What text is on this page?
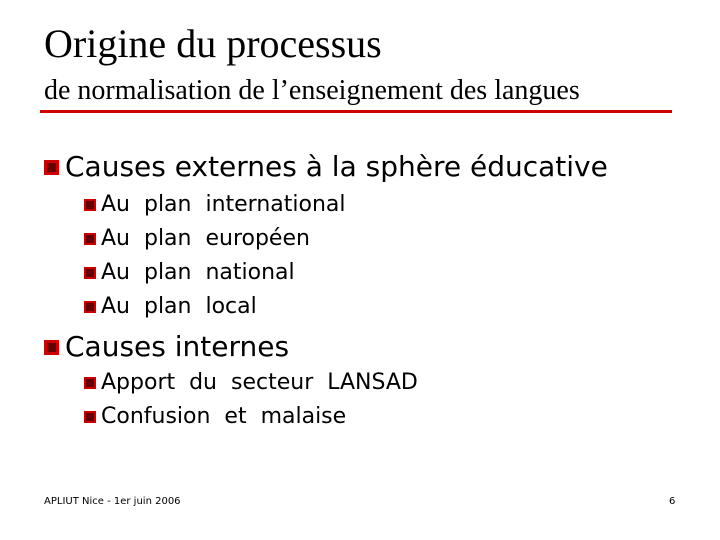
Origine du processus
de normalisation de l’enseignement des langues
Causes externes à la sphère éducative
Au  plan  international
Au  plan  européen
Au  plan  national
Au  plan  local
Causes internes
Apport  du  secteur  LANSAD
Confusion  et  malaise
APLIUT Nice - 1er juin 2006	6
